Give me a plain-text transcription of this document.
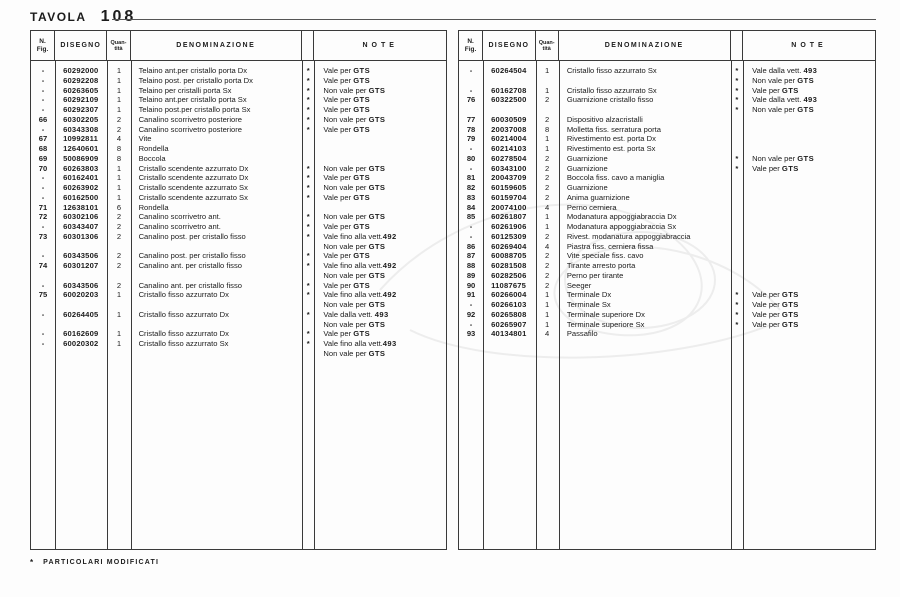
TAVOLA 108
N.
Fig.	DISEGNO	Quan-
tità	DENOMINAZIONE	NOTE
-	60292000	1	Telaino ant.per cristallo porta Dx	*	Vale per GTS
-	60292208	1	Telaino post. per cristallo porta Dx	*	Vale per GTS
-	60263605	1	Telaino per cristalli porta Sx	*	Non vale per GTS
-	60292109	1	Telaino ant.per cristallo porta Sx	*	Vale per GTS
-	60292307	1	Telaino post.per cristallo porta Sx	*	Vale per GTS
66	60302205	2	Canalino scorrivetro posteriore	*	Non vale per GTS
-	60343308	2	Canalino scorrivetro posteriore	*	Vale per GTS
67	10992811	4	Vite
68	12640601	8	Rondella
69	50086909	8	Boccola
70	60263803	1	Cristallo scendente azzurrato Dx	*	Non vale per GTS
-	60162401	1	Cristallo scendente azzurrato Dx	*	Vale per GTS
-	60263902	1	Cristallo scendente azzurrato Sx	*	Non vale per GTS
-	60162500	1	Cristallo scendente azzurrato Sx	*	Vale per GTS
71	12638101	6	Rondella
72	60302106	2	Canalino scorrivetro ant.	*	Non vale per GTS
-	60343407	2	Canalino scorrivetro ant.	*	Vale per GTS
73	60301306	2	Canalino post. per cristallo fisso	*	Vale fino alla vett.492
Non vale per GTS
-	60343506	2	Canalino post. per cristallo fisso	*	Vale per GTS
74	60301207	2	Canalino ant. per cristallo fisso	*	Vale fino alla vett.492
Non vale per GTS
-	60343506	2	Canalino ant. per cristallo fisso	*	Vale per GTS
75	60020203	1	Cristallo fisso azzurrato Dx	*	Vale fino alla vett.492
Non vale per GTS
-	60264405	1	Cristallo fisso azzurrato Dx	*	Vale dalla vett. 493
Non vale per GTS
-	60162609	1	Cristallo fisso azzurrato Dx	*	Vale per GTS
-	60020302	1	Cristallo fisso azzurrato Sx	*	Vale fino alla vett.493
Non vale per GTS
N.
Fig.	DISEGNO	Quan-
tità	DENOMINAZIONE	NOTE
-	60264504	1	Cristallo fisso azzurrato Sx	*	Vale dalla vett. 493
*	Non vale per GTS
-	60162708	1	Cristallo fisso azzurrato Sx	*	Vale per GTS
76	60322500	2	Guarnizione cristallo fisso	*	Vale dalla vett. 493
*	Non vale per GTS
77	60030509	2	Dispositivo alzacristalli
78	20037008	8	Molletta fiss. serratura porta
79	60214004	1	Rivestimento est. porta Dx
-	60214103	1	Rivestimento est. porta Sx
80	60278504	2	Guarnizione	*	Non vale per GTS
-	60343100	2	Guarnizione	*	Vale per GTS
81	20043709	2	Boccola fiss. cavo a maniglia
82	60159605	2	Guarnizione
83	60159704	2	Anima guarnizione
84	20074100	4	Perno cerniera
85	60261807	1	Modanatura appoggiabraccia Dx
-	60261906	1	Modanatura appoggiabraccia Sx
-	60125309	2	Rivest. modanatura appoggiabraccia
86	60269404	4	Piastra fiss. cerniera fissa
87	60088705	2	Vite speciale fiss. cavo
88	60281508	2	Tirante arresto porta
89	60282506	2	Perno per tirante
90	11087675	2	Seeger
91	60266004	1	Terminale Dx	*	Vale per GTS
-	60266103	1	Terminale Sx	*	Vale per GTS
92	60265808	1	Terminale superiore Dx	*	Vale per GTS
-	60265907	1	Terminale superiore Sx	*	Vale per GTS
93	40134801	4	Passafilo
* PARTICOLARI MODIFICATI
